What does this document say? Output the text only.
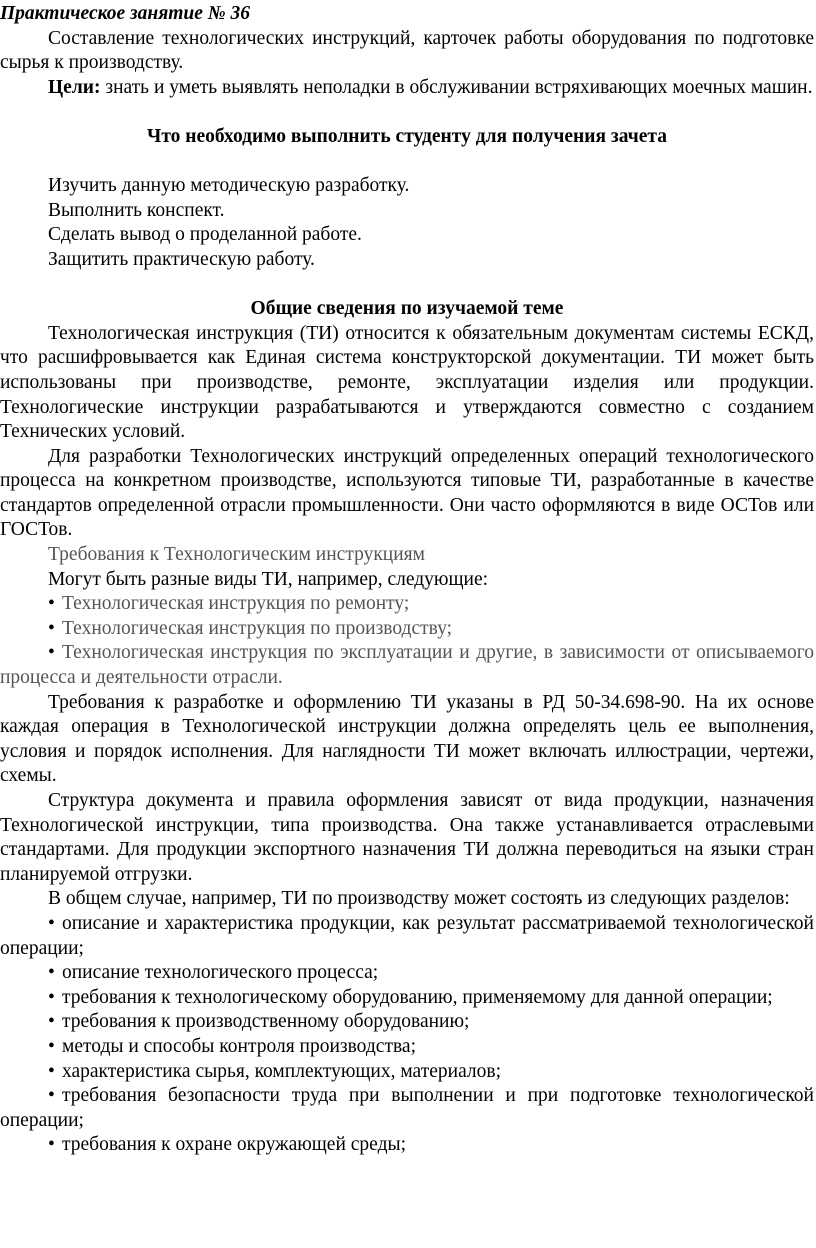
Практическое занятие № 36

Составление технологических инструкций, карточек работы оборудования по подготовке сырья к производству.

Цели: знать и уметь выявлять неполадки в обслуживании встряхивающих моечных машин.

Что необходимо выполнить студенту для получения зачета

Изучить данную методическую разработку.

Выполнить конспект.

Сделать вывод о проделанной работе.

Защитить практическую работу.

Общие сведения по изучаемой теме

Технологическая инструкция (ТИ) относится к обязательным документам системы ЕСКД, что расшифровывается как Единая система конструкторской документации. ТИ может быть использованы при производстве, ремонте, эксплуатации изделия или продукции. Технологические инструкции разрабатываются и утверждаются совместно с созданием Технических условий.

Для разработки Технологических инструкций определенных операций технологического процесса на конкретном производстве, используются типовые ТИ, разработанные в качестве стандартов определенной отрасли промышленности. Они часто оформляются в виде ОСТов или ГОСТов.

Требования к Технологическим инструкциям

Могут быть разные виды ТИ, например, следующие:

• Технологическая инструкция по ремонту;

• Технологическая инструкция по производству;

• Технологическая инструкция по эксплуатации и другие, в зависимости от описываемого процесса и деятельности отрасли.

Требования к разработке и оформлению ТИ указаны в РД 50-34.698-90. На их основе каждая операция в Технологической инструкции должна определять цель ее выполнения, условия и порядок исполнения. Для наглядности ТИ может включать иллюстрации, чертежи, схемы.

Структура документа и правила оформления зависят от вида продукции, назначения Технологической инструкции, типа производства. Она также устанавливается отраслевыми стандартами. Для продукции экспортного назначения ТИ должна переводиться на языки стран планируемой отгрузки.

В общем случае, например, ТИ по производству может состоять из следующих разделов:

• описание и характеристика продукции, как результат рассматриваемой технологической операции;

• описание технологического процесса;

• требования к технологическому оборудованию, применяемому для данной операции;

• требования к производственному оборудованию;

• методы и способы контроля производства;

• характеристика сырья, комплектующих, материалов;

• требования безопасности труда при выполнении и при подготовке технологической операции;

• требования к охране окружающей среды;
